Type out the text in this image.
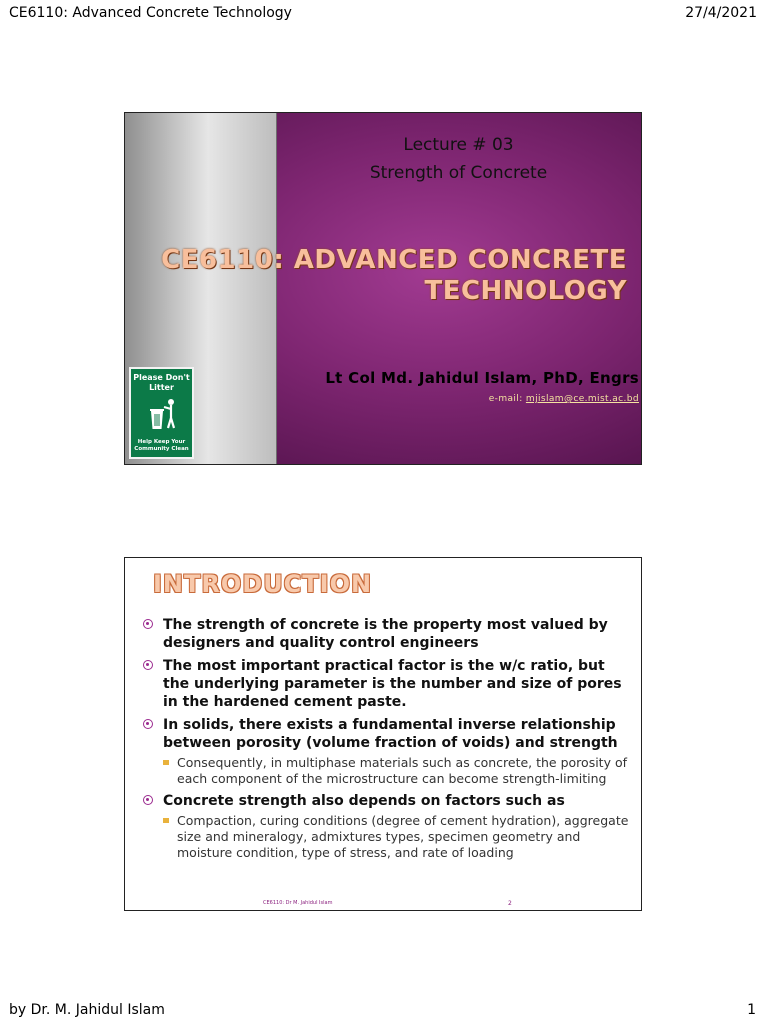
CE6110: Advanced Concrete Technology	27/4/2021
Lecture # 03
Strength of Concrete
CE6110: ADVANCED CONCRETE
TECHNOLOGY
Lt Col Md. Jahidul Islam, PhD, Engrs
e-mail: mjislam@ce.mist.ac.bd
Please Don't Litter
Help Keep Your Community Clean
INTRODUCTION
The strength of concrete is the property most valued by designers and quality control engineers
The most important practical factor is the w/c ratio, but the underlying parameter is the number and size of pores in the hardened cement paste.
In solids, there exists a fundamental inverse relationship between porosity (volume fraction of voids) and strength
Consequently, in multiphase materials such as concrete, the porosity of each component of the microstructure can become strength-limiting
Concrete strength also depends on factors such as
Compaction, curing conditions (degree of cement hydration), aggregate size and mineralogy, admixtures types, specimen geometry and moisture condition, type of stress, and rate of loading
CE6110: Dr M. Jahidul Islam	2
by Dr. M. Jahidul Islam	1
